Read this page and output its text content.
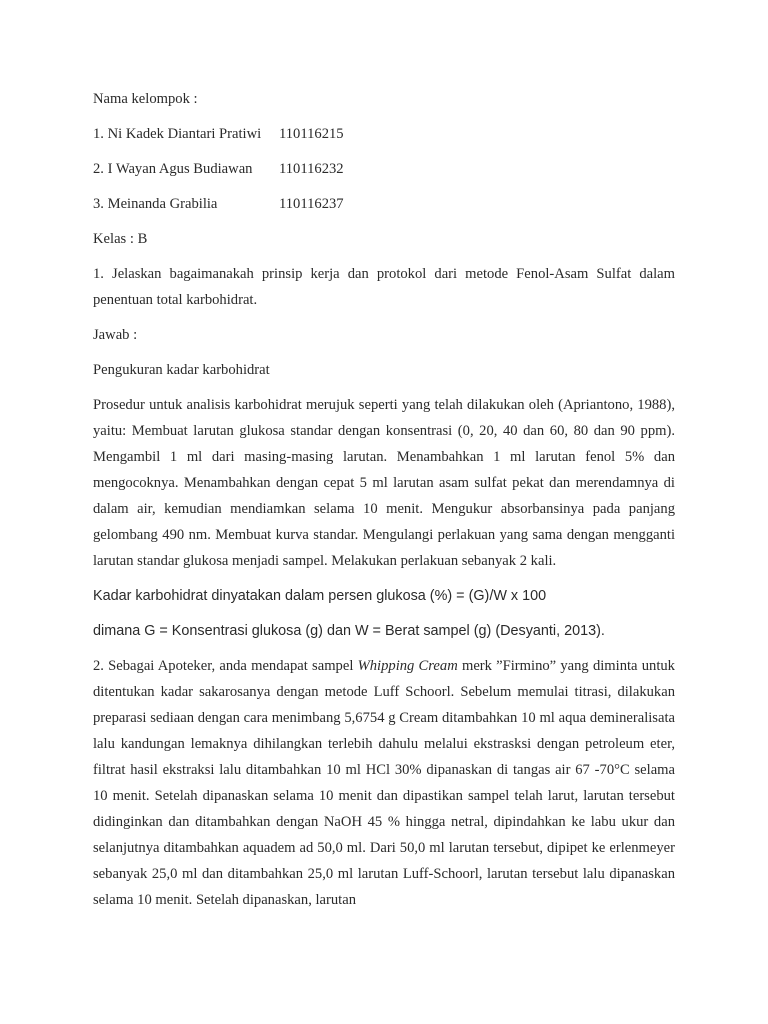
Nama kelompok :
1. Ni Kadek Diantari Pratiwi	110116215
2. I Wayan Agus Budiawan	110116232
3. Meinanda Grabilia	110116237
Kelas : B
1. Jelaskan bagaimanakah prinsip kerja dan protokol dari metode Fenol-Asam Sulfat dalam penentuan total karbohidrat.
Jawab :
Pengukuran kadar karbohidrat
Prosedur untuk analisis karbohidrat merujuk seperti yang telah dilakukan oleh (Apriantono, 1988), yaitu: Membuat larutan glukosa standar dengan konsentrasi (0, 20, 40 dan 60, 80 dan 90 ppm). Mengambil 1 ml dari masing-masing larutan. Menambahkan 1 ml larutan fenol 5% dan mengocoknya. Menambahkan dengan cepat 5 ml larutan asam sulfat pekat dan merendamnya di dalam air, kemudian mendiamkan selama 10 menit. Mengukur absorbansinya pada panjang gelombang 490 nm. Membuat kurva standar. Mengulangi perlakuan yang sama dengan mengganti larutan standar glukosa menjadi sampel. Melakukan perlakuan sebanyak 2 kali.
Kadar karbohidrat dinyatakan dalam persen glukosa (%) = (G)/W x 100
dimana G = Konsentrasi glukosa (g) dan W = Berat sampel (g) (Desyanti, 2013).
2. Sebagai Apoteker, anda mendapat sampel Whipping Cream merk ”Firmino” yang diminta untuk ditentukan kadar sakarosanya dengan metode Luff Schoorl. Sebelum memulai titrasi, dilakukan preparasi sediaan dengan cara menimbang 5,6754 g Cream ditambahkan 10 ml aqua demineralisata lalu kandungan lemaknya dihilangkan terlebih dahulu melalui ekstrasksi dengan petroleum eter, filtrat hasil ekstraksi lalu ditambahkan 10 ml HCl 30% dipanaskan di tangas air 67 -70°C selama 10 menit. Setelah dipanaskan selama 10 menit dan dipastikan sampel telah larut, larutan tersebut didinginkan dan ditambahkan dengan NaOH 45 % hingga netral, dipindahkan ke labu ukur dan selanjutnya ditambahkan aquadem ad 50,0 ml. Dari 50,0 ml larutan tersebut, dipipet ke erlenmeyer sebanyak 25,0 ml dan ditambahkan 25,0 ml larutan Luff-Schoorl, larutan tersebut lalu dipanaskan selama 10 menit. Setelah dipanaskan, larutan
